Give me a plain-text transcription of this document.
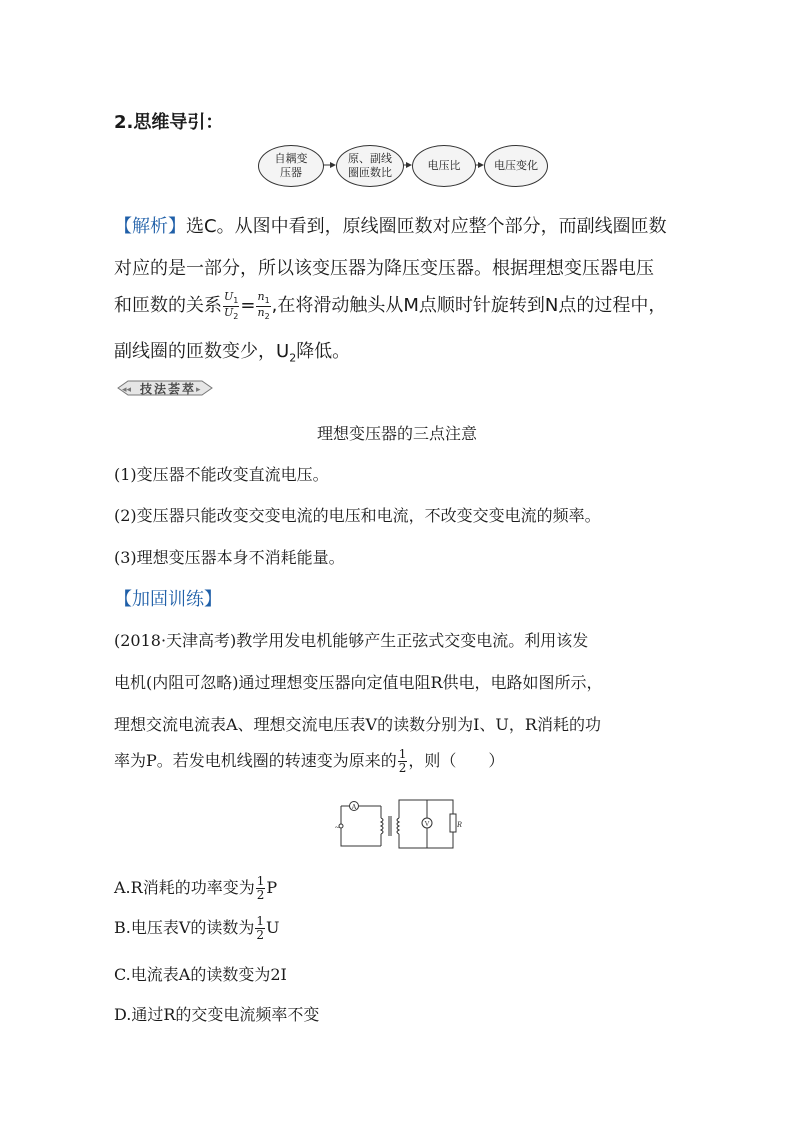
2.思维导引：
自耦变
压器
原、副线
圈匝数比
电压比	电压变化
【解析】选C。从图中看到，原线圈匝数对应整个部分，而副线圈匝数
对应的是一部分，所以该变压器为降压变压器。根据理想变压器电压
和匝数的关系 $\frac{U_1}{U_2} = \frac{n_1}{n_2}$ ,在将滑动触头从M点顺时针旋转到N点的过程中，
副线圈的匝数变少，$U_2$降低。
◂◂	▸
技法荟萃
理想变压器的三点注意
(1)变压器不能改变直流电压。
(2)变压器只能改变交变电流的电压和电流，不改变交变电流的频率。
(3)理想变压器本身不消耗能量。
【加固训练】
(2018·天津高考)教学用发电机能够产生正弦式交变电流。利用该发
电机(内阻可忽略)通过理想变压器向定值电阻R供电，电路如图所示，
理想交流电流表A、理想交流电压表V的读数分别为I、U，R消耗的功
率为P。若发电机线圈的转速变为原来的 $\frac{1}{2}$ ，则（　　）
A
~	V	R
A.R消耗的功率变为 $\frac{1}{2}$ P
B.电压表V的读数为 $\frac{1}{2}$ U
C.电流表A的读数变为2I
D.通过R的交变电流频率不变
